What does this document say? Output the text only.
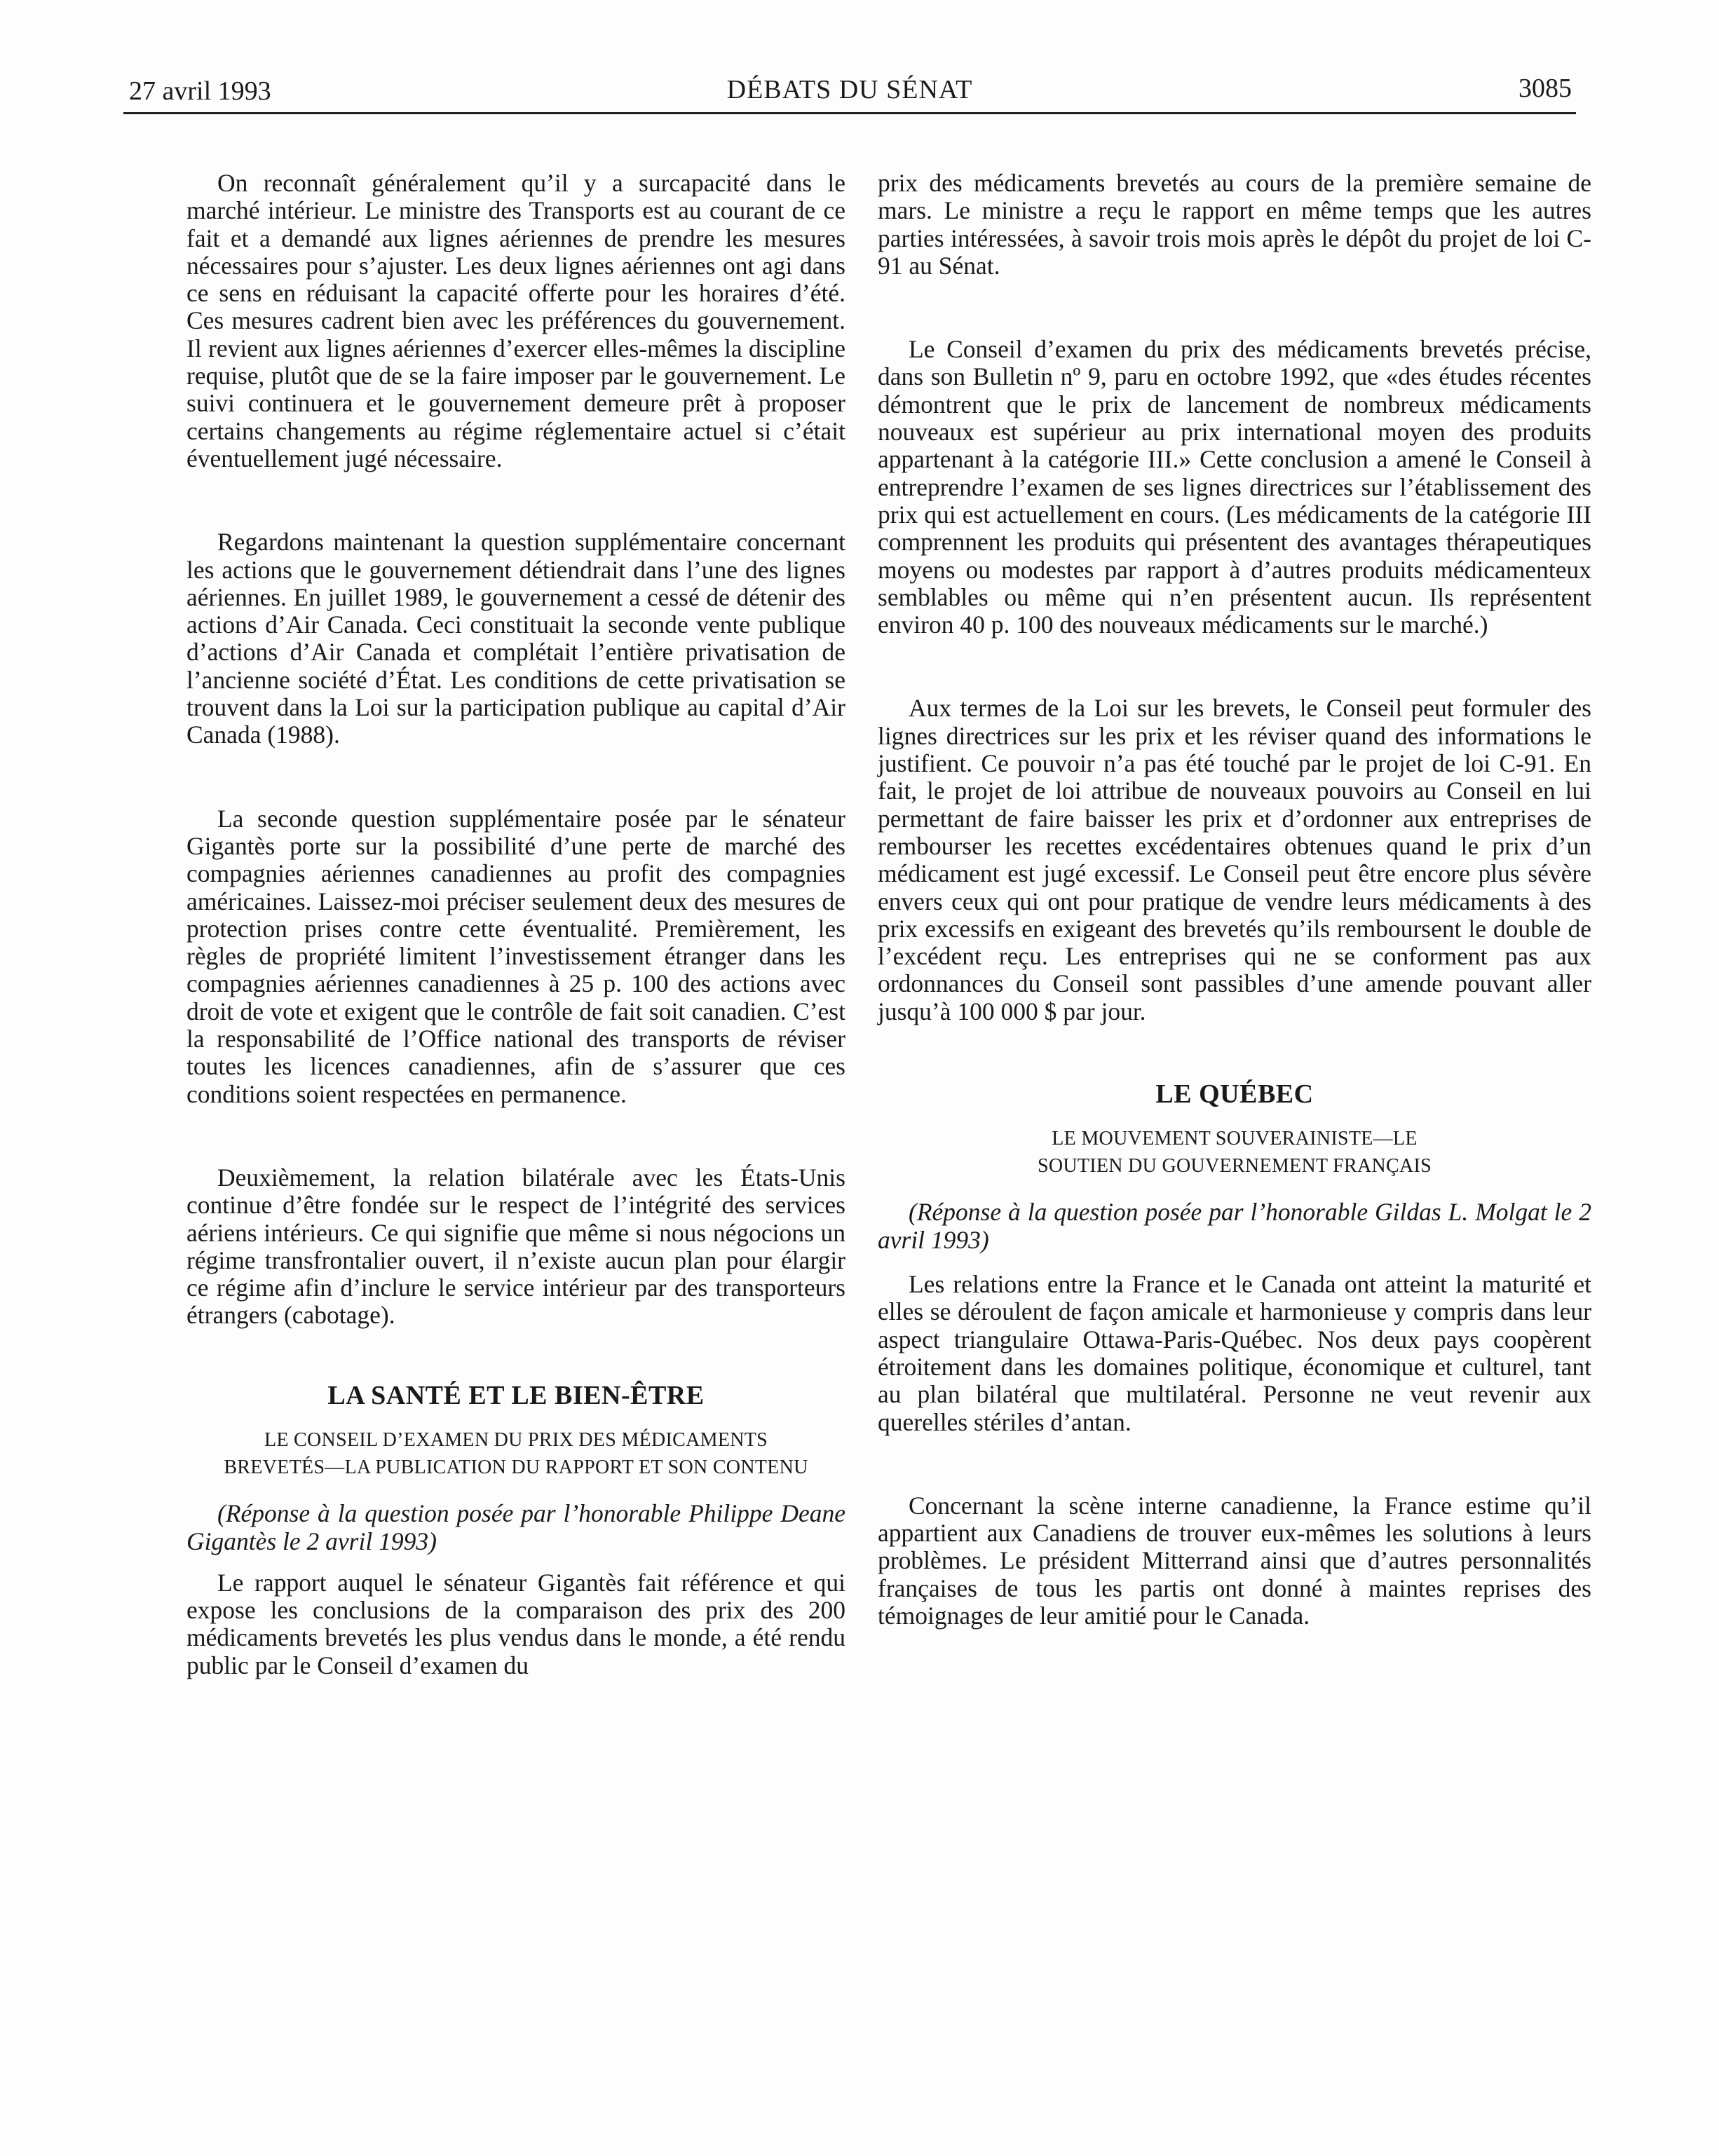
27 avril 1993	DÉBATS DU SÉNAT	3085

On reconnaît généralement qu’il y a surcapacité dans le marché intérieur. Le ministre des Transports est au courant de ce fait et a demandé aux lignes aériennes de prendre les mesures nécessaires pour s’ajuster. Les deux lignes aériennes ont agi dans ce sens en réduisant la capacité offerte pour les horaires d’été. Ces mesures cadrent bien avec les préférences du gouvernement. Il revient aux lignes aériennes d’exercer elles-mêmes la discipline requise, plutôt que de se la faire imposer par le gouvernement. Le suivi continuera et le gouvernement demeure prêt à proposer certains changements au régime réglementaire actuel si c’était éventuellement jugé nécessaire.

Regardons maintenant la question supplémentaire concernant les actions que le gouvernement détiendrait dans l’une des lignes aériennes. En juillet 1989, le gouvernement a cessé de détenir des actions d’Air Canada. Ceci constituait la seconde vente publique d’actions d’Air Canada et complétait l’entière privatisation de l’ancienne société d’État. Les conditions de cette privatisation se trouvent dans la Loi sur la participation publique au capital d’Air Canada (1988).

La seconde question supplémentaire posée par le sénateur Gigantès porte sur la possibilité d’une perte de marché des compagnies aériennes canadiennes au profit des compagnies américaines. Laissez-moi préciser seulement deux des mesures de protection prises contre cette éventualité. Premièrement, les règles de propriété limitent l’investissement étranger dans les compagnies aériennes canadiennes à 25 p. 100 des actions avec droit de vote et exigent que le contrôle de fait soit canadien. C’est la responsabilité de l’Office national des transports de réviser toutes les licences canadiennes, afin de s’assurer que ces conditions soient respectées en permanence.

Deuxièmement, la relation bilatérale avec les États-Unis continue d’être fondée sur le respect de l’intégrité des services aériens intérieurs. Ce qui signifie que même si nous négocions un régime transfrontalier ouvert, il n’existe aucun plan pour élargir ce régime afin d’inclure le service intérieur par des transporteurs étrangers (cabotage).

LA SANTÉ ET LE BIEN-ÊTRE
LE CONSEIL D’EXAMEN DU PRIX DES MÉDICAMENTS
BREVETÉS—LA PUBLICATION DU RAPPORT ET SON CONTENU

(Réponse à la question posée par l’honorable Philippe Deane Gigantès le 2 avril 1993)

Le rapport auquel le sénateur Gigantès fait référence et qui expose les conclusions de la comparaison des prix des 200 médicaments brevetés les plus vendus dans le monde, a été rendu public par le Conseil d’examen du

prix des médicaments brevetés au cours de la première semaine de mars. Le ministre a reçu le rapport en même temps que les autres parties intéressées, à savoir trois mois après le dépôt du projet de loi C-91 au Sénat.

Le Conseil d’examen du prix des médicaments brevetés précise, dans son Bulletin nº 9, paru en octobre 1992, que «des études récentes démontrent que le prix de lancement de nombreux médicaments nouveaux est supérieur au prix international moyen des produits appartenant à la catégorie III.» Cette conclusion a amené le Conseil à entreprendre l’examen de ses lignes directrices sur l’établissement des prix qui est actuellement en cours. (Les médicaments de la catégorie III comprennent les produits qui présentent des avantages thérapeutiques moyens ou modestes par rapport à d’autres produits médicamenteux semblables ou même qui n’en présentent aucun. Ils représentent environ 40 p. 100 des nouveaux médicaments sur le marché.)

Aux termes de la Loi sur les brevets, le Conseil peut formuler des lignes directrices sur les prix et les réviser quand des informations le justifient. Ce pouvoir n’a pas été touché par le projet de loi C-91. En fait, le projet de loi attribue de nouveaux pouvoirs au Conseil en lui permettant de faire baisser les prix et d’ordonner aux entreprises de rembourser les recettes excédentaires obtenues quand le prix d’un médicament est jugé excessif. Le Conseil peut être encore plus sévère envers ceux qui ont pour pratique de vendre leurs médicaments à des prix excessifs en exigeant des brevetés qu’ils remboursent le double de l’excédent reçu. Les entreprises qui ne se conforment pas aux ordonnances du Conseil sont passibles d’une amende pouvant aller jusqu’à 100 000 $ par jour.

LE QUÉBEC
LE MOUVEMENT SOUVERAINISTE—LE
SOUTIEN DU GOUVERNEMENT FRANÇAIS

(Réponse à la question posée par l’honorable Gildas L. Molgat le 2 avril 1993)

Les relations entre la France et le Canada ont atteint la maturité et elles se déroulent de façon amicale et harmonieuse y compris dans leur aspect triangulaire Ottawa-Paris-Québec. Nos deux pays coopèrent étroitement dans les domaines politique, économique et culturel, tant au plan bilatéral que multilatéral. Personne ne veut revenir aux querelles stériles d’antan.

Concernant la scène interne canadienne, la France estime qu’il appartient aux Canadiens de trouver eux-mêmes les solutions à leurs problèmes. Le président Mitterrand ainsi que d’autres personnalités françaises de tous les partis ont donné à maintes reprises des témoignages de leur amitié pour le Canada.
